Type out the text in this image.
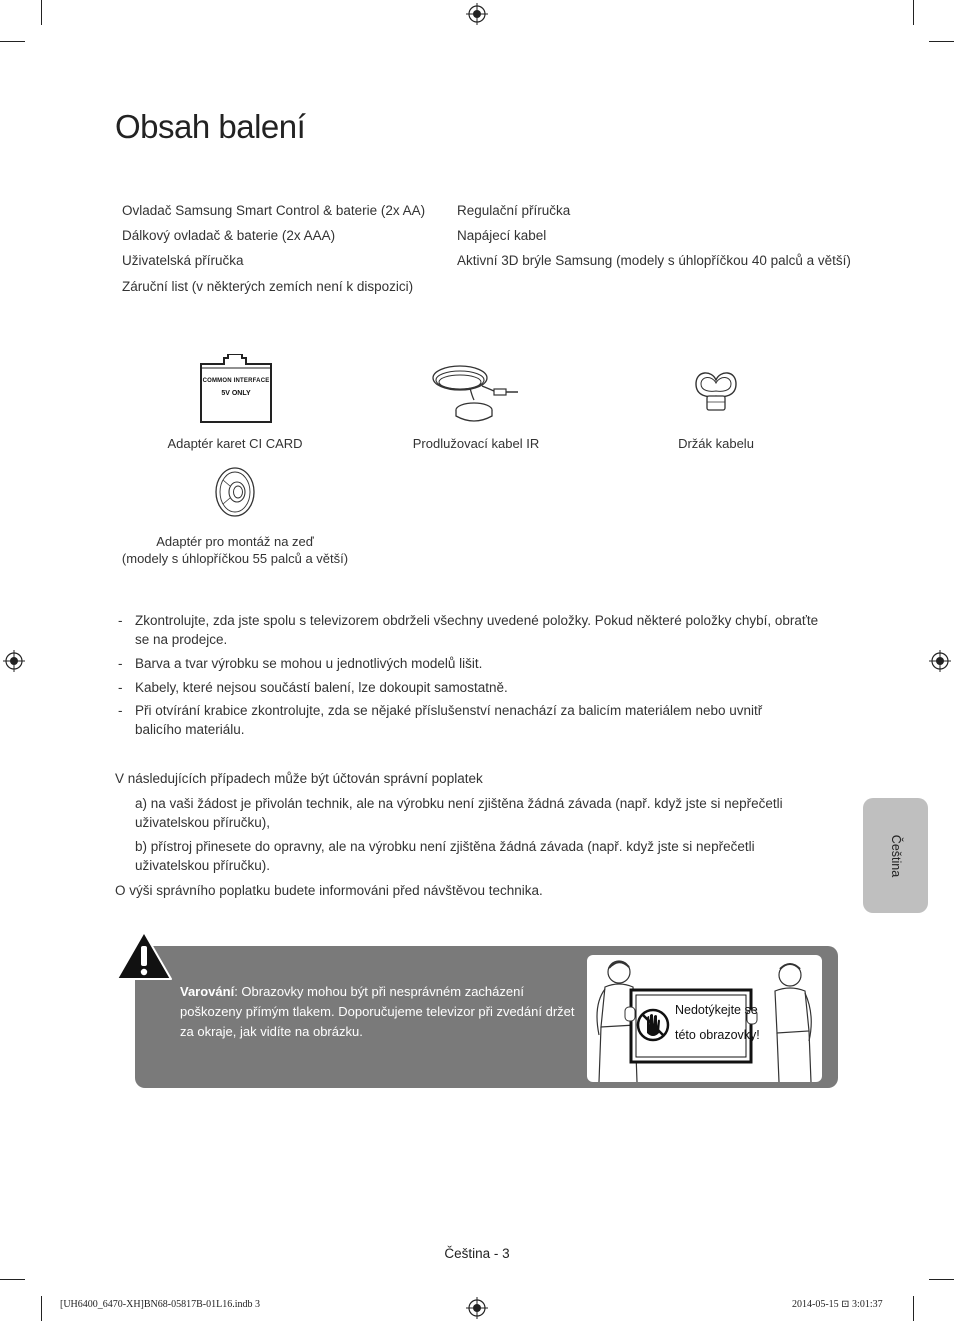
Obsah balení
Ovladač Samsung Smart Control & baterie (2x AA)
Dálkový ovladač & baterie (2x AAA)
Uživatelská příručka
Záruční list (v některých zemích není k dispozici)
Regulační příručka
Napájecí kabel
Aktivní 3D brýle Samsung (modely s úhlopříčkou 40 palců a větší)
COMMON INTERFACE
5V ONLY
Adaptér karet CI CARD	Prodlužovací kabel IR	Držák kabelu
Adaptér pro montáž na zeď
(modely s úhlopříčkou 55 palců a větší)
- Zkontrolujte, zda jste spolu s televizorem obdrželi všechny uvedené položky. Pokud některé položky chybí, obraťte se na prodejce.
- Barva a tvar výrobku se mohou u jednotlivých modelů lišit.
- Kabely, které nejsou součástí balení, lze dokoupit samostatně.
- Při otvírání krabice zkontrolujte, zda se nějaké příslušenství nenachází za balicím materiálem nebo uvnitř balicího materiálu.
V následujících případech může být účtován správní poplatek
a) na vaši žádost je přivolán technik, ale na výrobku není zjištěna žádná závada (např. když jste si nepřečetli uživatelskou příručku),
b) přístroj přinesete do opravny, ale na výrobku není zjištěna žádná závada (např. když jste si nepřečetli uživatelskou příručku).
O výši správního poplatku budete informováni před návštěvou technika.
Čeština
Varování: Obrazovky mohou být při nesprávném zacházení poškozeny přímým tlakem. Doporučujeme televizor při zvedání držet za okraje, jak vidíte na obrázku.
Nedotýkejte se
této obrazovky!
Čeština - 3
[UH6400_6470-XH]BN68-05817B-01L16.indb 3	2014-05-15 ⊡ 3:01:37
